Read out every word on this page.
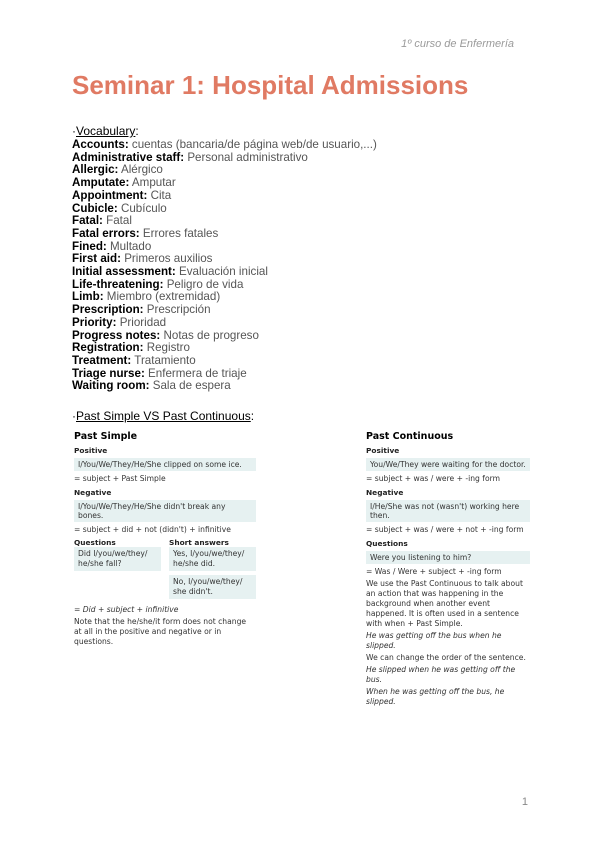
1º curso de Enfermería
Seminar 1: Hospital Admissions
·Vocabulary:
Accounts: cuentas (bancaria/de página web/de usuario,...)
Administrative staff: Personal administrativo
Allergic: Alérgico
Amputate: Amputar
Appointment: Cita
Cubicle: Cubículo
Fatal: Fatal
Fatal errors: Errores fatales
Fined: Multado
First aid: Primeros auxilios
Initial assessment: Evaluación inicial
Life-threatening: Peligro de vida
Limb: Miembro (extremidad)
Prescription: Prescripción
Priority: Prioridad
Progress notes: Notas de progreso
Registration: Registro
Treatment: Tratamiento
Triage nurse: Enfermera de triaje
Waiting room: Sala de espera
·Past Simple VS Past Continuous:
Past Simple
Positive
I/You/We/They/He/She clipped on some ice.

= subject + Past Simple

Negative
I/You/We/They/He/She didn't break any bones.

= subject + did + not (didn't) + infinitive

Questions
Did I/you/we/they/ he/she fall?
Short answers
Yes, I/you/we/they/ he/she did.
No, I/you/we/they/ she didn't.

= Did + subject + infinitive

Note that the he/she/it form does not change at all in the positive and negative or in questions.

Past Continuous
Positive
You/We/They were waiting for the doctor.

= subject + was / were + -ing form

Negative
I/He/She was not (wasn't) working here then.

= subject + was / were + not + -ing form

Questions
Were you listening to him?

= Was / Were + subject + -ing form

We use the Past Continuous to talk about an action that was happening in the background when another event happened. It is often used in a sentence with when + Past Simple.

He was getting off the bus when he slipped.

We can change the order of the sentence.

He slipped when he was getting off the bus.

When he was getting off the bus, he slipped.

1
